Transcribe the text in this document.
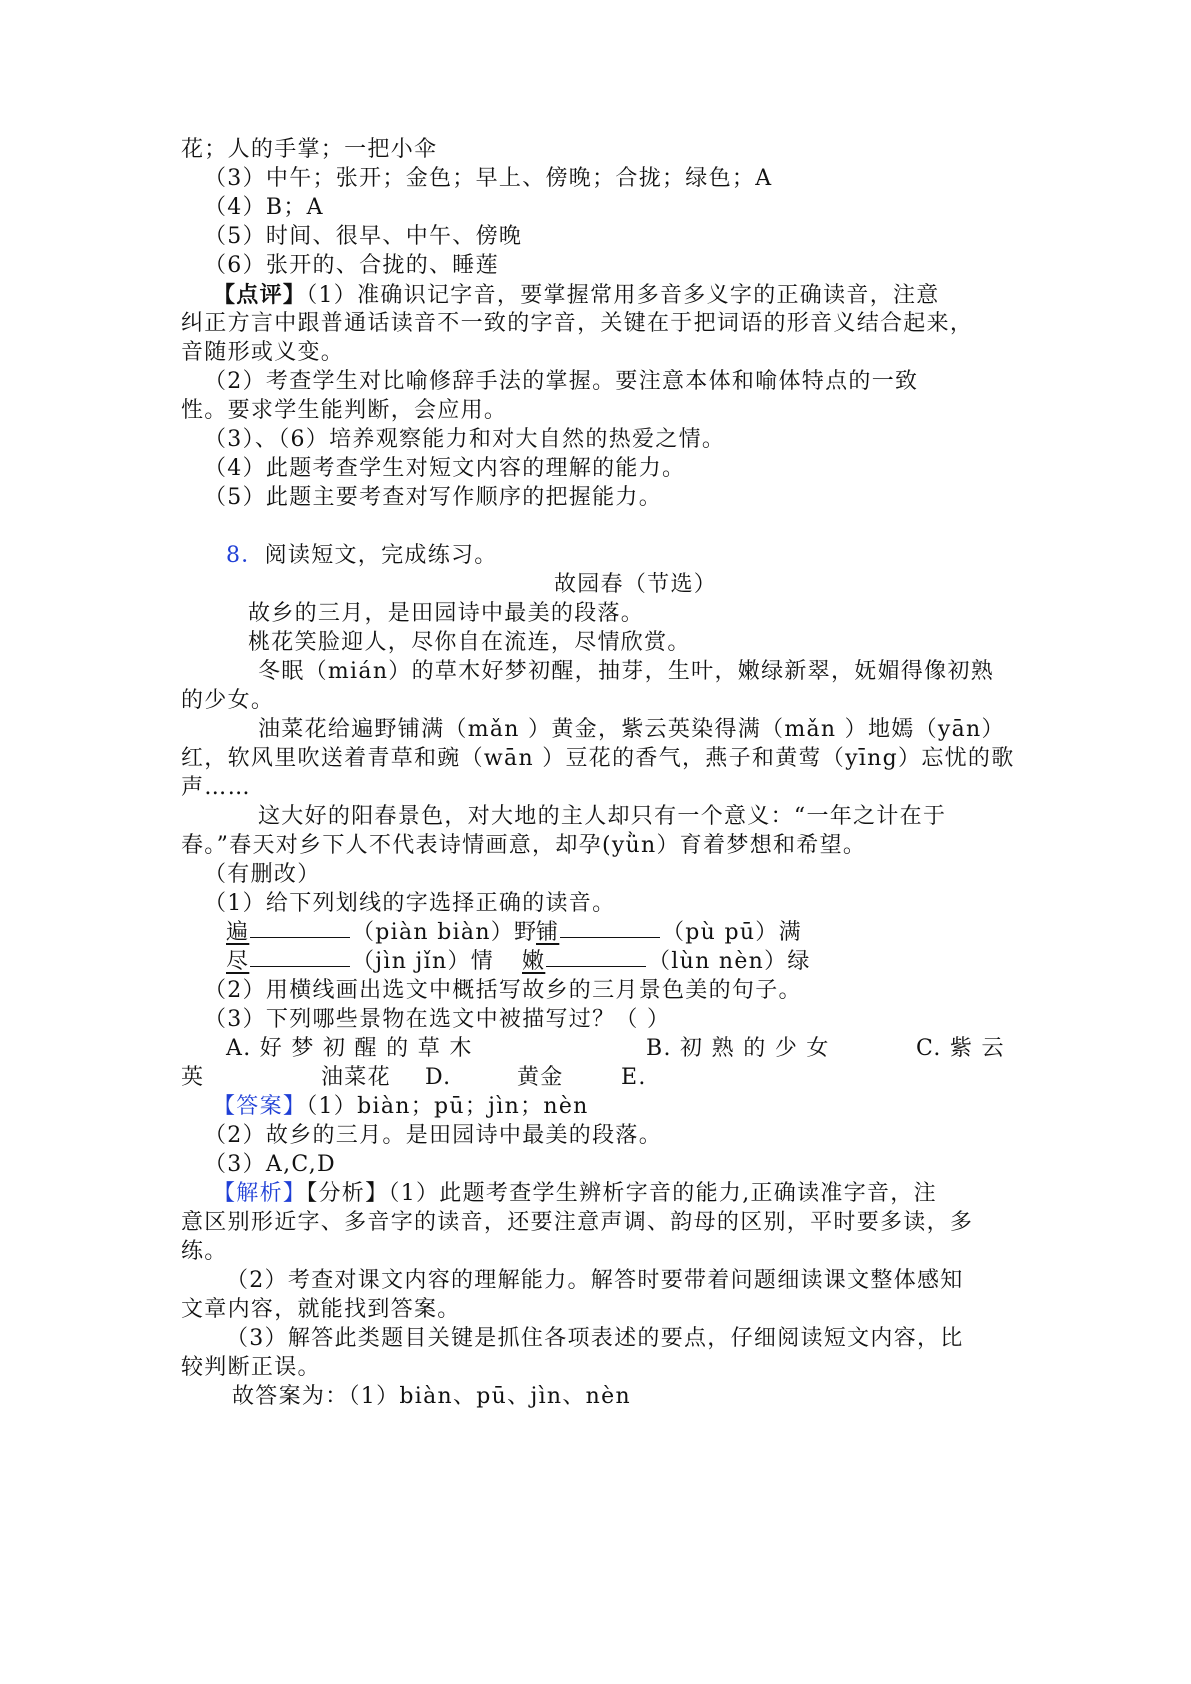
花；人的手掌；一把小伞
（3）中午；张开；金色；早上、傍晚；合拢；绿色；A
（4）B；A
（5）时间、很早、中午、傍晚
（6）张开的、合拢的、睡莲
【点评】（1）准确识记字音，要掌握常用多音多义字的正确读音，注意
纠正方言中跟普通话读音不一致的字音，关键在于把词语的形音义结合起来，
音随形或义变。
（2）考查学生对比喻修辞手法的掌握。要注意本体和喻体特点的一致
性。要求学生能判断，会应用。
（3）、（6）培养观察能力和对大自然的热爱之情。
（4）此题考查学生对短文内容的理解的能力。
（5）此题主要考查对写作顺序的把握能力。
8．阅读短文，完成练习。
故园春（节选）
故乡的三月，是田园诗中最美的段落。
桃花笑脸迎人，尽你自在流连，尽情欣赏。
冬眠（mián）的草木好梦初醒，抽芽，生叶，嫩绿新翠，妩媚得像初熟
的少女。
油菜花给遍野铺满（mǎn ）黄金，紫云英染得满（mǎn ）地嫣（yān）
红，软风里吹送着青草和豌（wān ）豆花的香气，燕子和黄莺（yīng）忘忧的歌
声……
这大好的阳春景色，对大地的主人却只有一个意义：“一年之计在于
春。”春天对乡下人不代表诗情画意，却孕(yǜn）育着梦想和希望。
（有删改）
（1）给下列划线的字选择正确的读音。
遍	（piàn biàn）野
铺	（pù pū）满
尽	（jìn jǐn）情 嫩	（lùn nèn）绿
（2）用横线画出选文中概括写故乡的三月景色美的句子。
（3）下列哪些景物在选文中被描写过？（ ）
A. 好 梦 初 醒 的 草 木	B. 初 熟 的 少 女	C. 紫 云
英	油菜花 D.	黄金	E.
【答案】（1）biàn；pū；jìn；nèn
（2）故乡的三月。是田园诗中最美的段落。
（3）A,C,D
【解析】【分析】（1）此题考查学生辨析字音的能力,正确读准字音，注
意区别形近字、多音字的读音，还要注意声调、韵母的区别，平时要多读，多
练。
（2）考查对课文内容的理解能力。解答时要带着问题细读课文整体感知
文章内容，就能找到答案。
（3）解答此类题目关键是抓住各项表述的要点，仔细阅读短文内容，比
较判断正误。
故答案为：（1）biàn、pū、jìn、nèn
